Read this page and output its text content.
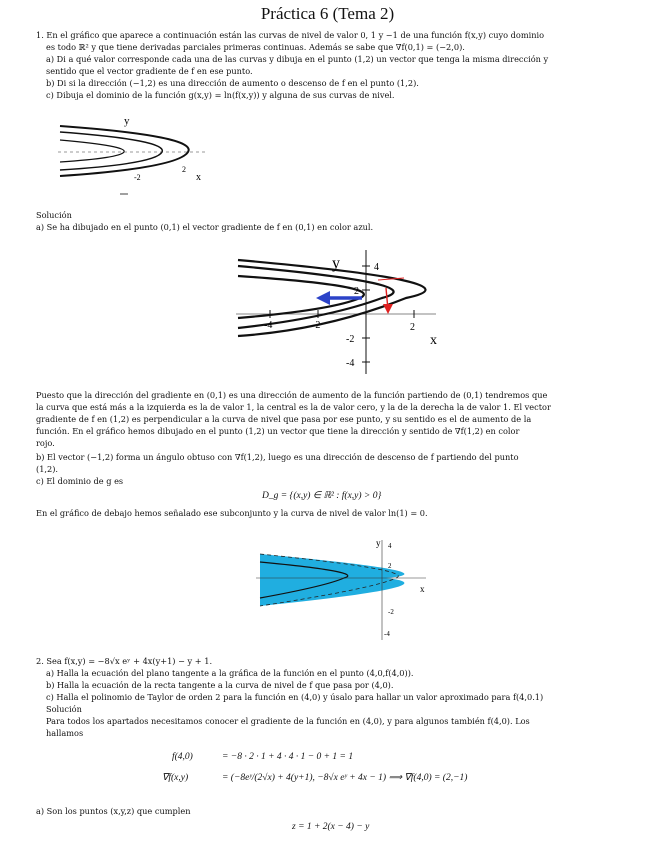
Práctica 6 (Tema 2)
1. En el gráfico que aparece a continuación están las curvas de nivel de valor 0, 1 y −1 de una función f(x,y) cuyo dominio
es todo ℝ² y que tiene derivadas parciales primeras continuas. Además se sabe que ∇f(0,1) = (−2,0).
a) Di a qué valor corresponde cada una de las curvas y dibuja en el punto (1,2) un vector que tenga la misma dirección y
sentido que el vector gradiente de f en ese punto.
b) Di si la dirección (−1,2) es una dirección de aumento o descenso de f en el punto (1,2).
c) Dibuja el dominio de la función g(x,y) = ln(f(x,y)) y alguna de sus curvas de nivel.
y
x
-2
2
Solución
a) Se ha dibujado en el punto (0,1) el vector gradiente de f en (0,1) en color azul.
y	4
2
-2
-4
2
-2
-4
x
Puesto que la dirección del gradiente en (0,1) es una dirección de aumento de la función partiendo de (0,1) tendremos que
la curva que está más a la izquierda es la de valor 1, la central es la de valor cero, y la de la derecha la de valor 1. El vector
gradiente de f en (1,2) es perpendicular a la curva de nivel que pasa por ese punto, y su sentido es el de aumento de la
función. En el gráfico hemos dibujado en el punto (1,2) un vector que tiene la dirección y sentido de ∇f(1,2) en color
rojo.
b) El vector (−1,2) forma un ángulo obtuso con ∇f(1,2), luego es una dirección de descenso de f partiendo del punto
(1,2).
c) El dominio de g es
D_g = {(x,y) ∈ ℝ² : f(x,y) > 0}
En el gráfico de debajo hemos señalado ese subconjunto y la curva de nivel de valor ln(1) = 0.
y 4
2
-2
-4
x
2. Sea f(x,y) = −8√x eʸ + 4x(y+1) − y + 1.
a) Halla la ecuación del plano tangente a la gráfica de la función en el punto (4,0,f(4,0)).
b) Halla la ecuación de la recta tangente a la curva de nivel de f que pasa por (4,0).
c) Halla el polinomio de Taylor de orden 2 para la función en (4,0) y úsalo para hallar un valor aproximado para f(4,0.1)
Solución
Para todos los apartados necesitamos conocer el gradiente de la función en (4,0), y para algunos también f(4,0). Los
hallamos
f(4,0)	= −8 · 2 · 1 + 4 · 4 · 1 − 0 + 1 = 1
∇f(x,y)	= (−8eʸ/(2√x) + 4(y+1), −8√x eʸ + 4x − 1) ⟹ ∇f(4,0) = (2,−1)
a) Son los puntos (x,y,z) que cumplen
z = 1 + 2(x − 4) − y
